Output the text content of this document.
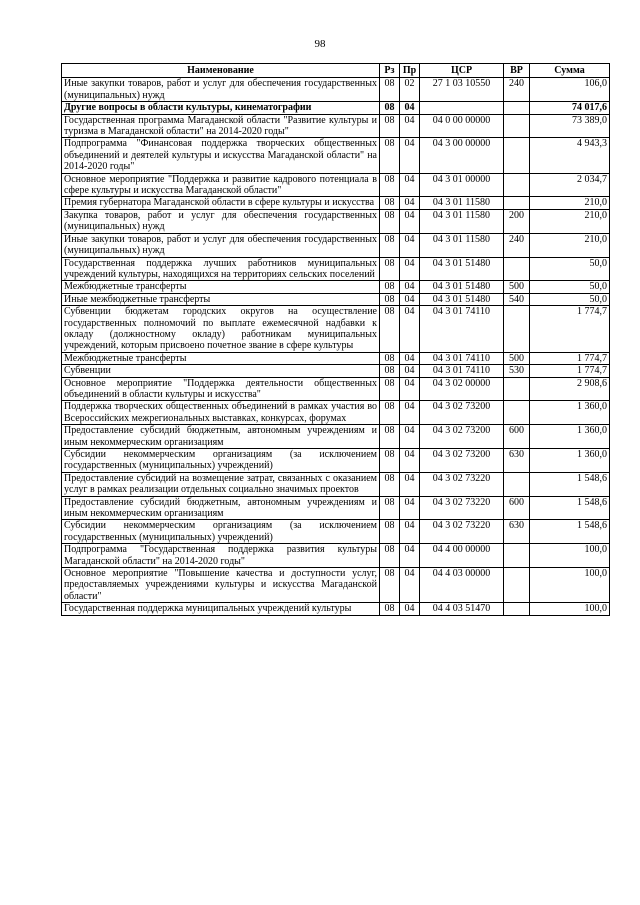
98
Наименование	Рз	Пр	ЦСР	ВР	Сумма
Иные закупки товаров, работ и услуг для обеспечения государственных (муниципальных) нужд	08	02	27 1 03 10550	240	106,0
Другие вопросы в области культуры, кинематографии	08	04			74 017,6
Государственная программа Магаданской области "Развитие культуры и туризма в Магаданской области" на 2014-2020 годы"	08	04	04 0 00 00000		73 389,0
Подпрограмма "Финансовая поддержка творческих общественных объединений и деятелей культуры и искусства Магаданской области" на 2014-2020 годы"	08	04	04 3 00 00000		4 943,3
Основное мероприятие "Поддержка и развитие кадрового потенциала в сфере культуры и искусства Магаданской области"	08	04	04 3 01 00000		2 034,7
Премия губернатора Магаданской области в сфере культуры и искусства	08	04	04 3 01 11580		210,0
Закупка товаров, работ и услуг для обеспечения государственных (муниципальных) нужд	08	04	04 3 01 11580	200	210,0
Иные закупки товаров, работ и услуг для обеспечения государственных (муниципальных) нужд	08	04	04 3 01 11580	240	210,0
Государственная поддержка лучших работников муниципальных учреждений культуры, находящихся на территориях сельских поселений	08	04	04 3 01 51480		50,0
Межбюджетные трансферты	08	04	04 3 01 51480	500	50,0
Иные межбюджетные трансферты	08	04	04 3 01 51480	540	50,0
Субвенции бюджетам городских округов на осуществление государственных полномочий по выплате ежемесячной надбавки к окладу (должностному окладу) работникам муниципальных учреждений, которым присвоено почетное звание в сфере культуры	08	04	04 3 01 74110		1 774,7
Межбюджетные трансферты	08	04	04 3 01 74110	500	1 774,7
Субвенции	08	04	04 3 01 74110	530	1 774,7
Основное мероприятие "Поддержка деятельности общественных объединений в области культуры и искусства"	08	04	04 3 02 00000		2 908,6
Поддержка творческих общественных объединений в рамках участия во Всероссийских межрегиональных выставках, конкурсах, форумах	08	04	04 3 02 73200		1 360,0
Предоставление субсидий бюджетным, автономным учреждениям и иным некоммерческим организациям	08	04	04 3 02 73200	600	1 360,0
Субсидии некоммерческим организациям (за исключением государственных (муниципальных) учреждений)	08	04	04 3 02 73200	630	1 360,0
Предоставление субсидий на возмещение затрат, связанных с оказанием услуг в рамках реализации отдельных социально значимых проектов	08	04	04 3 02 73220		1 548,6
Предоставление субсидий бюджетным, автономным учреждениям и иным некоммерческим организациям	08	04	04 3 02 73220	600	1 548,6
Субсидии некоммерческим организациям (за исключением государственных (муниципальных) учреждений)	08	04	04 3 02 73220	630	1 548,6
Подпрограмма "Государственная поддержка развития культуры Магаданской области" на 2014-2020 годы"	08	04	04 4 00 00000		100,0
Основное мероприятие "Повышение качества и доступности услуг, предоставляемых учреждениями культуры и искусства Магаданской области"	08	04	04 4 03 00000		100,0
Государственная поддержка муниципальных учреждений культуры	08	04	04 4 03 51470		100,0
